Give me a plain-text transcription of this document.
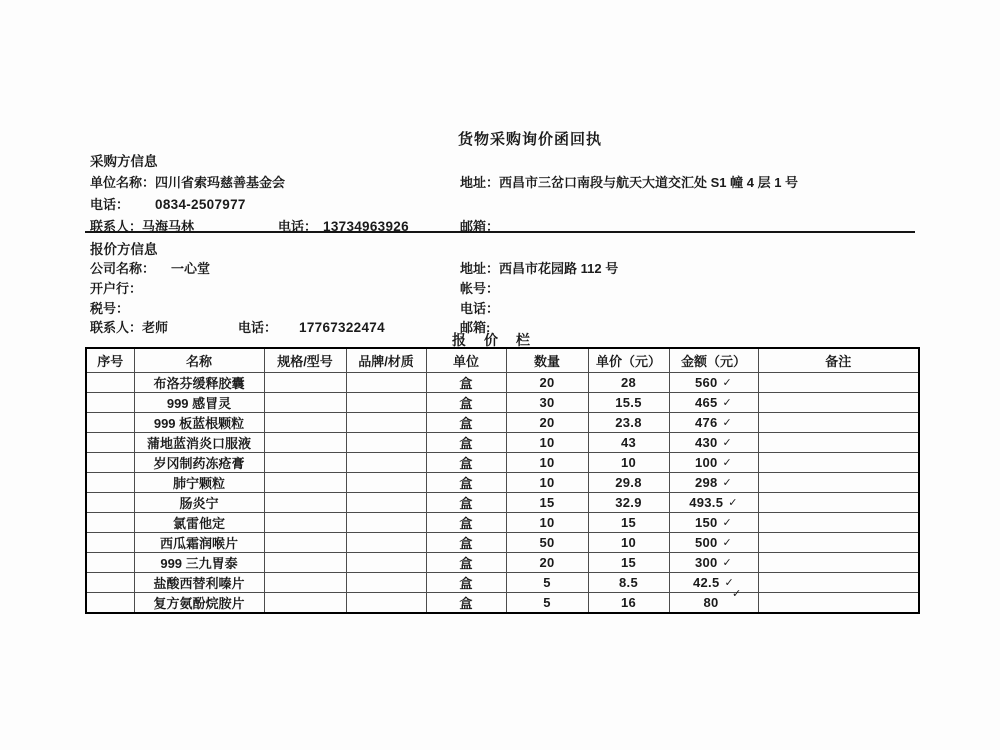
货物采购询价函回执
采购方信息
单位名称：四川省索玛慈善基金会	地址：西昌市三岔口南段与航天大道交汇处 S1 幢 4 层 1 号
电话： 0834-2507977
联系人：马海马林	电话： 13734963926	邮箱：
报价方信息
公司名称： 一心堂	地址：西昌市花园路 112 号
开户行：	帐号：
税号：	电话：
联系人：老师	电话： 17767322474	邮箱:
报　价　栏
序号	名称	规格/型号	品牌/材质	单位	数量	单价（元）	金额（元）	备注
	布洛芬缓释胶囊			盒	20	28	560 ✓	
	999 感冒灵			盒	30	15.5	465 ✓	
	999 板蓝根颗粒			盒	20	23.8	476 ✓	
	蒲地蓝消炎口服液			盒	10	43	430 ✓	
	岁冈制药冻疮膏			盒	10	10	100 ✓	
	肺宁颗粒			盒	10	29.8	298 ✓	
	肠炎宁			盒	15	32.9	493.5 ✓	
	氯雷他定			盒	10	15	150 ✓	
	西瓜霜润喉片			盒	50	10	500 ✓	
	999 三九胃泰			盒	20	15	300 ✓	
	盐酸西替利嗪片			盒	5	8.5	42.5 ✓
✓	

	复方氨酚烷胺片			盒	5	16	80	
